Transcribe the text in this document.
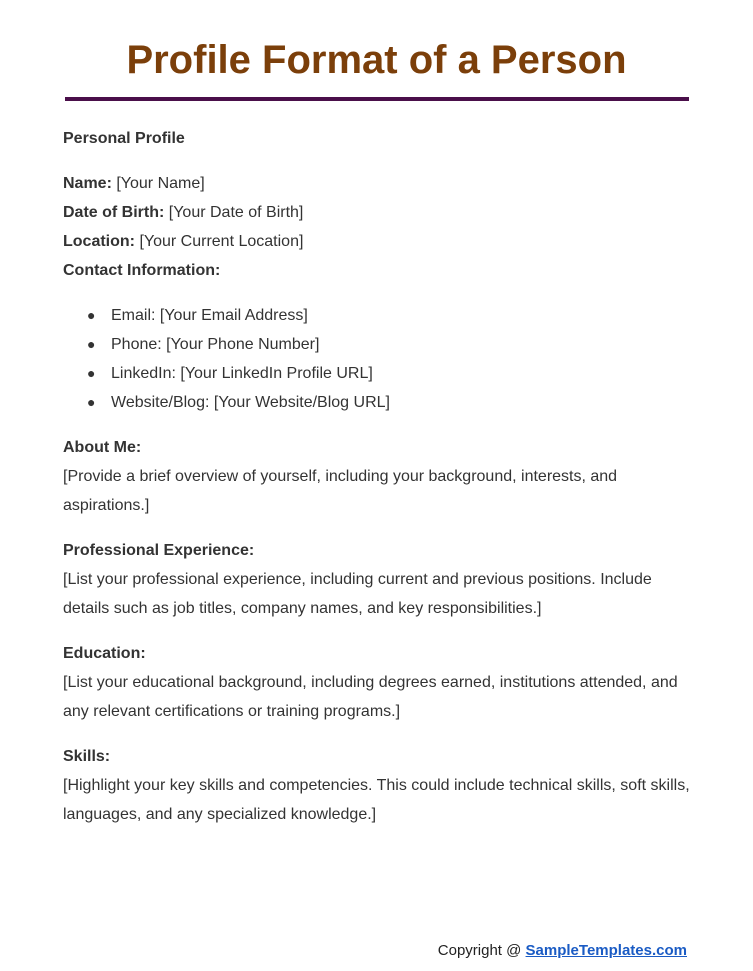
Profile Format of a Person

Personal Profile

Name: [Your Name]

Date of Birth: [Your Date of Birth]

Location: [Your Current Location]

Contact Information:

● Email: [Your Email Address]
● Phone: [Your Phone Number]
● LinkedIn: [Your LinkedIn Profile URL]
● Website/Blog: [Your Website/Blog URL]

About Me:

[Provide a brief overview of yourself, including your background, interests, and aspirations.]

Professional Experience:

[List your professional experience, including current and previous positions. Include details such as job titles, company names, and key responsibilities.]

Education:

[List your educational background, including degrees earned, institutions attended, and any relevant certifications or training programs.]

Skills:

[Highlight your key skills and competencies. This could include technical skills, soft skills, languages, and any specialized knowledge.]

Copyright @ SampleTemplates.com
